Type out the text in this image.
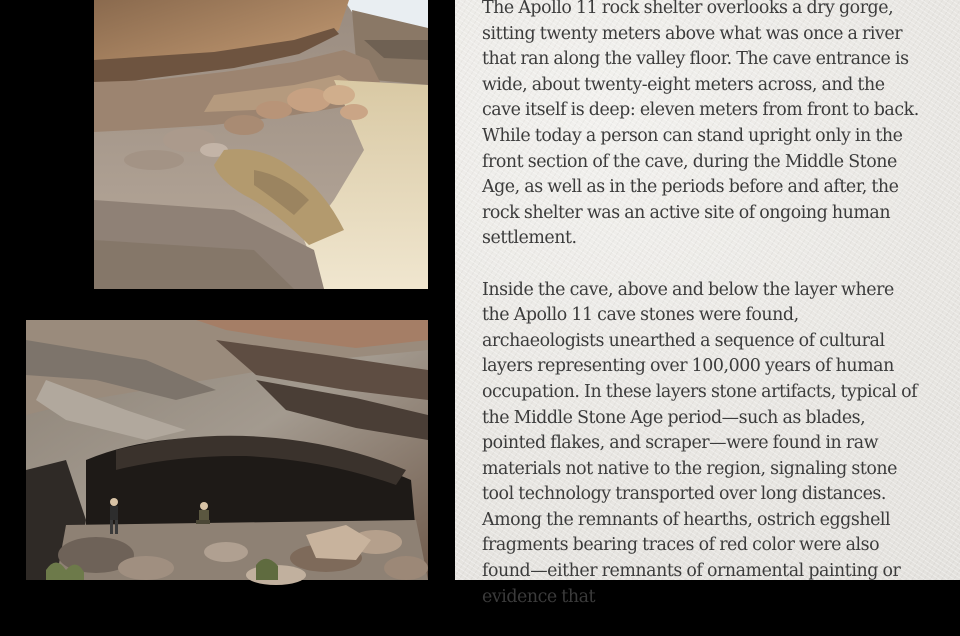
The Apollo 11 rock shelter overlooks a dry gorge, sitting twenty meters above what was once a river that ran along the valley floor. The cave entrance is wide, about twenty-eight meters across, and the cave itself is deep: eleven meters from front to back. While today a person can stand upright only in the front section of the cave, during the Middle Stone Age, as well as in the periods before and after, the rock shelter was an active site of ongoing human settlement.

Inside the cave, above and below the layer where the Apollo 11 cave stones were found, archaeologists unearthed a sequence of cultural layers representing over 100,000 years of human occupation. In these layers stone artifacts, typical of the Middle Stone Age period—such as blades, pointed flakes, and scraper—were found in raw materials not native to the region, signaling stone tool technology transported over long distances. Among the remnants of hearths, ostrich eggshell fragments bearing traces of red color were also found—either remnants of ornamental painting or evidence that
